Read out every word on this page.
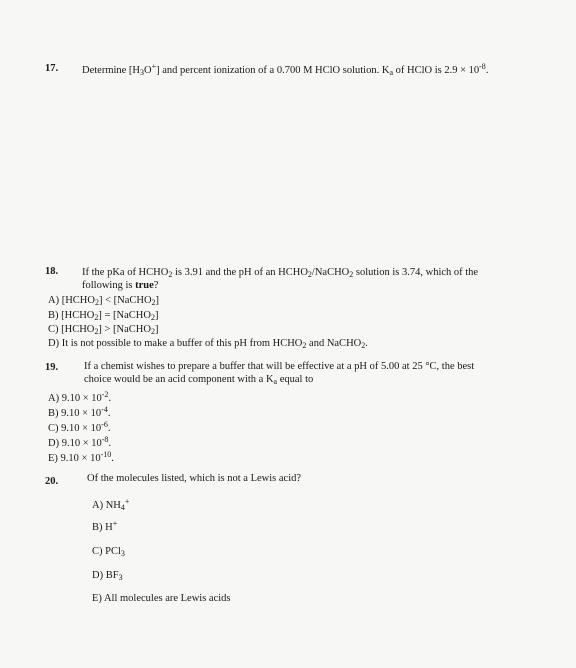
17. Determine $[H_3O^+]$ and percent ionization of a 0.700 M HClO solution. $K_a$ of HClO is $2.9 \times 10^{-8}$.
18. If the pKa of $HCHO_2$ is 3.91 and the pH of an $HCHO_2/NaCHO_2$ solution is 3.74, which of the
following is true?
A) $[HCHO_2]$ < [NaCHO$_2$]
B) $[HCHO_2]$ = [NaCHO$_2$]
C) $[HCHO_2]$ > [NaCHO$_2$]
D) It is not possible to make a buffer of this pH from $HCHO_2$ and NaCHO$_2$.
19. If a chemist wishes to prepare a buffer that will be effective at a pH of 5.00 at 25 °C, the best
choice would be an acid component with a $K_a$ equal to
A) $9.10 \times 10^{-2}$.
B) $9.10 \times 10^{-4}$.
C) $9.10 \times 10^{-6}$.
D) $9.10 \times 10^{-8}$.
E) $9.10 \times 10^{-10}$.
20.	Of the molecules listed, which is not a Lewis acid?
A) $NH_4^+$
B) H+
C) PCl$_3$
D) $BF_3$
E) All molecules are Lewis acids
